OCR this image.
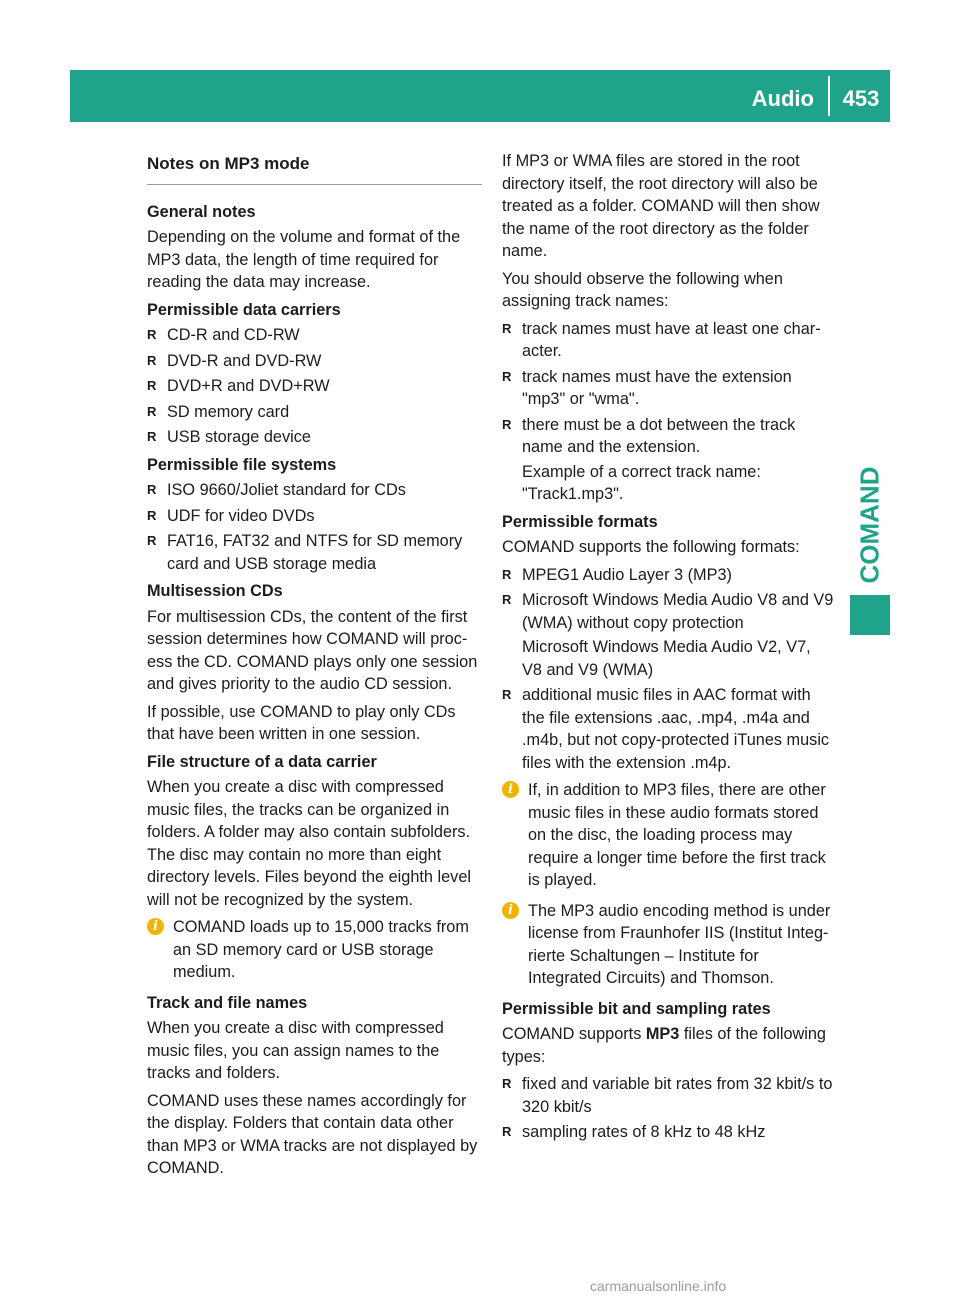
Audio	453
COMAND
Notes on MP3 mode
General notes

Depending on the volume and format of the MP3 data, the length of time required for reading the data may increase.

Permissible data carriers
R CD-R and CD-RW
R DVD-R and DVD-RW
R DVD+R and DVD+RW
R SD memory card
R USB storage device
Permissible file systems
R ISO 9660/Joliet standard for CDs
R UDF for video DVDs
R FAT16, FAT32 and NTFS for SD memory card and USB storage media
Multisession CDs

For multisession CDs, the content of the first session determines how COMAND will proc-ess the CD. COMAND plays only one session and gives priority to the audio CD session.

If possible, use COMAND to play only CDs that have been written in one session.

File structure of a data carrier

When you create a disc with compressed music files, the tracks can be organized in folders. A folder may also contain subfolders. The disc may contain no more than eight directory levels. Files beyond the eighth level will not be recognized by the system.

i COMAND loads up to 15,000 tracks from an SD memory card or USB storage medium.
Track and file names

When you create a disc with compressed music files, you can assign names to the tracks and folders.

COMAND uses these names accordingly for the display. Folders that contain data other than MP3 or WMA tracks are not displayed by COMAND.

If MP3 or WMA files are stored in the root directory itself, the root directory will also be treated as a folder. COMAND will then show the name of the root directory as the folder name.

You should observe the following when assigning track names:

R track names must have at least one char-acter.
R track names must have the extension "mp3" or "wma".
R there must be a dot between the track name and the extension.
Example of a correct track name: "Track1.mp3".
Permissible formats

COMAND supports the following formats:

R MPEG1 Audio Layer 3 (MP3)
R Microsoft Windows Media Audio V8 and V9 (WMA) without copy protection
Microsoft Windows Media Audio V2, V7, V8 and V9 (WMA)
R additional music files in AAC format with the file extensions .aac, .mp4, .m4a and .m4b, but not copy-protected iTunes music files with the extension .m4p.
i If, in addition to MP3 files, there are other music files in these audio formats stored on the disc, the loading process may require a longer time before the first track is played.
i The MP3 audio encoding method is under license from Fraunhofer IIS (Institut Integ-rierte Schaltungen – Institute for Integrated Circuits) and Thomson.
Permissible bit and sampling rates

COMAND supports MP3 files of the following types:

R fixed and variable bit rates from 32 kbit/s to 320 kbit/s
R sampling rates of 8 kHz to 48 kHz
carmanualsonline.info
